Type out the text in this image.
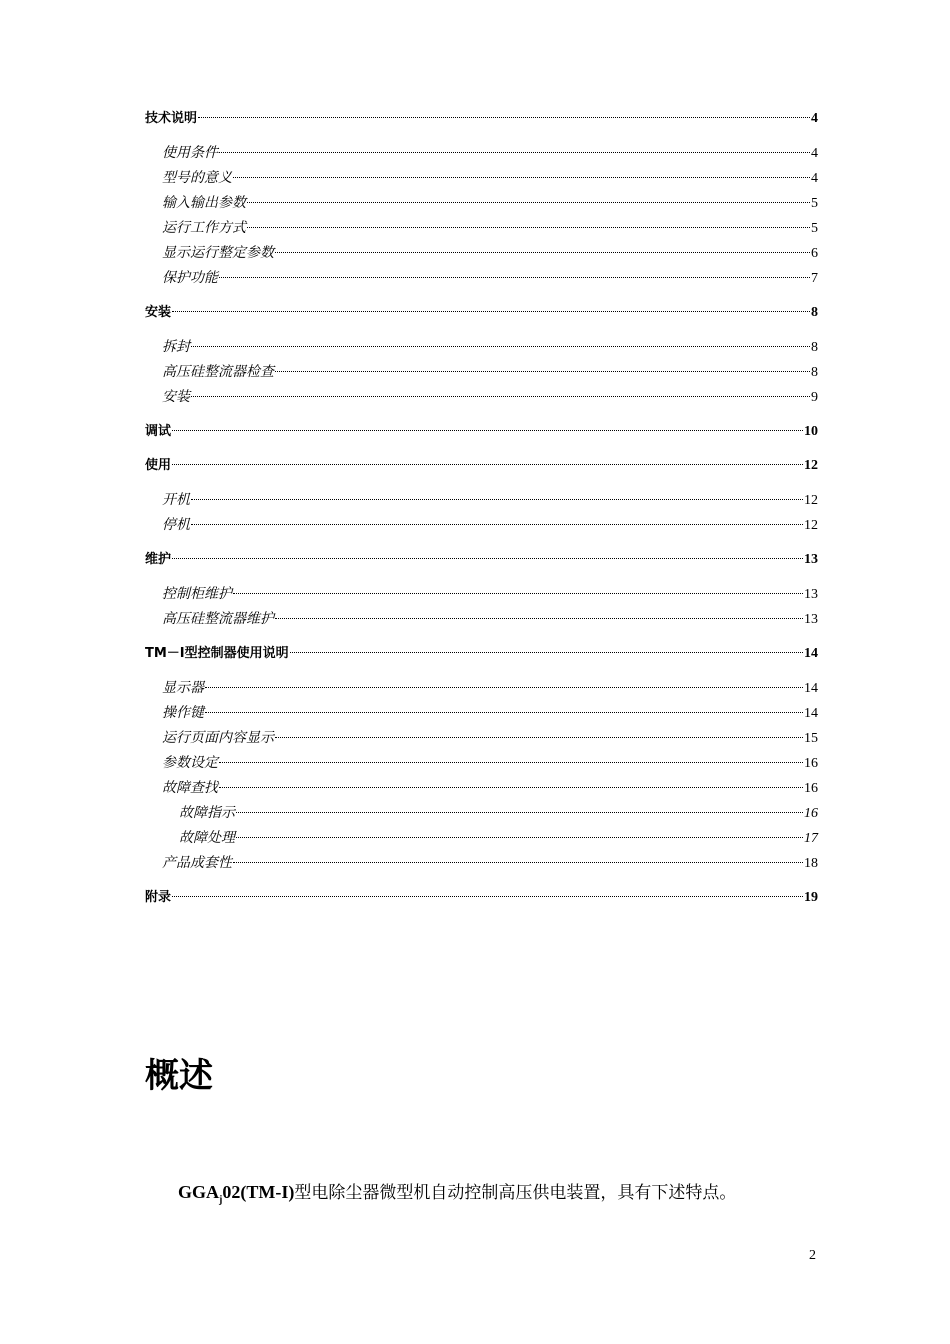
技术说明	4
使用条件	4
型号的意义	4
输入输出参数	5
运行工作方式	5
显示运行整定参数	6
保护功能	7
安装	8
拆封	8
高压硅整流器检查	8
安装	9
调试	10
使用	12
开机	12
停机	12
维护	13
控制柜维护	13
高压硅整流器维护	13
TM－Ⅰ型控制器使用说明	14
显示器	14
操作键	14
运行页面内容显示	15
参数设定	16
故障查找	16
故障指示	16
故障处理	17
产品成套性	18
附录	19
概述
$GGA_j02(TM-I)$型电除尘器微型机自动控制高压供电装置，具有下述特点。
2
